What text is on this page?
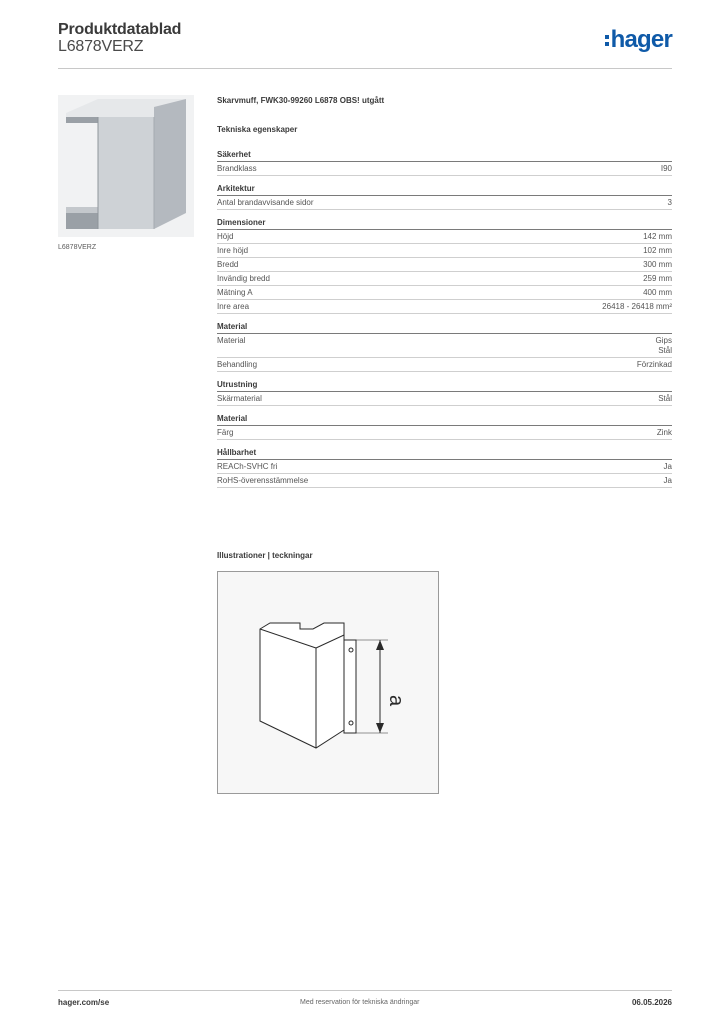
Produktdatablad
L6878VERZ	hager
L6878VERZ
Skarvmuff, FWK30-99260 L6878 OBS! utgått
Tekniska egenskaper
Säkerhet
Brandklass	I90
Arkitektur
Antal brandavvisande sidor	3
Dimensioner
Höjd	142 mm
Inre höjd	102 mm
Bredd	300 mm
Invändig bredd	259 mm
Mätning A	400 mm
Inre area	26418 - 26418 mm²
Material
Material	Gips
Stål
Behandling	Förzinkad
Utrustning
Skärmaterial	Stål
Material
Färg	Zink
Hållbarhet
REACh-SVHC fri	Ja
RoHS-överensstämmelse	Ja
Illustrationer | teckningar
a
hager.com/se	Med reservation för tekniska ändringar	06.05.2026
